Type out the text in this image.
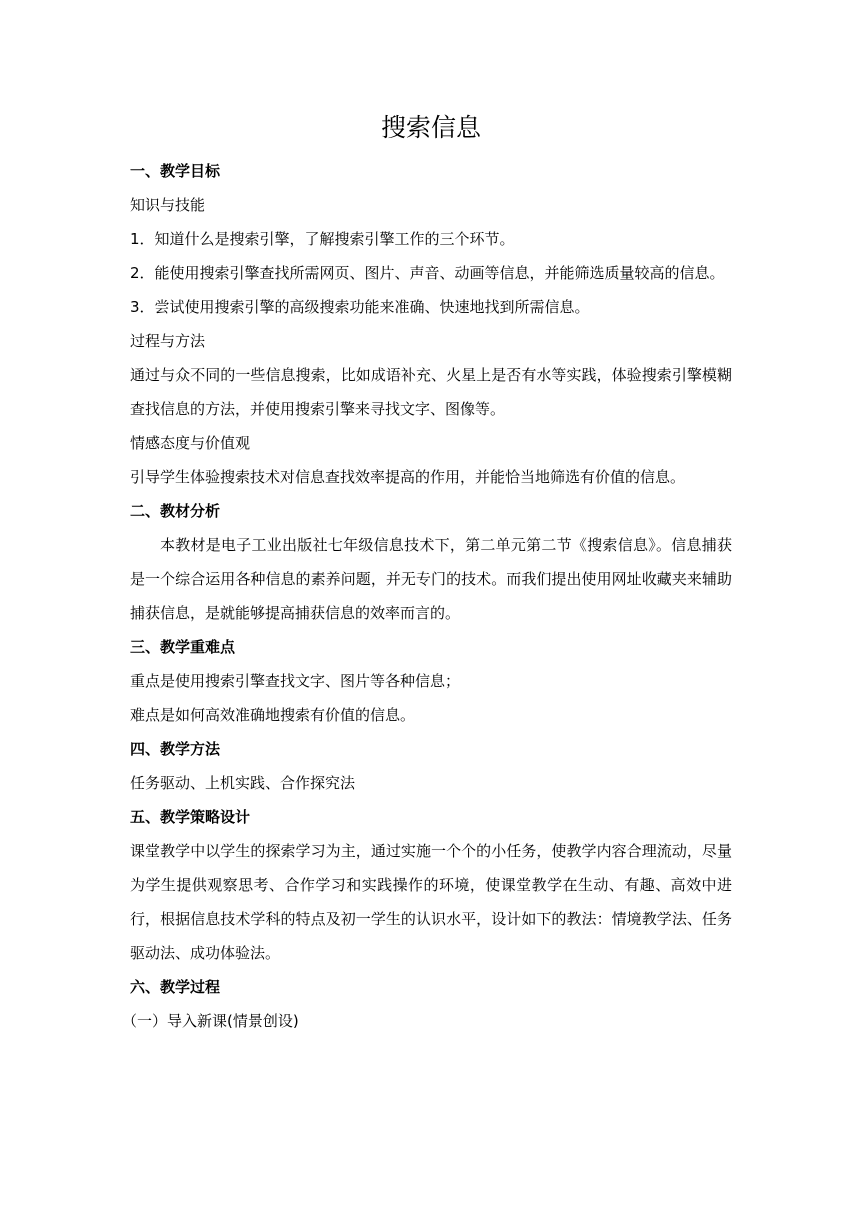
搜索信息

一、教学目标

知识与技能

1．知道什么是搜索引擎，了解搜索引擎工作的三个环节。

2．能使用搜索引擎查找所需网页、图片、声音、动画等信息，并能筛选质量较高的信息。

3．尝试使用搜索引擎的高级搜索功能来准确、快速地找到所需信息。

过程与方法

通过与众不同的一些信息搜索，比如成语补充、火星上是否有水等实践，体验搜索引擎模糊查找信息的方法，并使用搜索引擎来寻找文字、图像等。

情感态度与价值观

引导学生体验搜索技术对信息查找效率提高的作用，并能恰当地筛选有价值的信息。

二、教材分析

本教材是电子工业出版社七年级信息技术下，第二单元第二节《搜索信息》。信息捕获是一个综合运用各种信息的素养问题，并无专门的技术。而我们提出使用网址收藏夹来辅助捕获信息，是就能够提高捕获信息的效率而言的。

三、教学重难点

重点是使用搜索引擎查找文字、图片等各种信息；

难点是如何高效准确地搜索有价值的信息。

四、教学方法

任务驱动、上机实践、合作探究法

五、教学策略设计

课堂教学中以学生的探索学习为主，通过实施一个个的小任务，使教学内容合理流动，尽量为学生提供观察思考、合作学习和实践操作的环境，使课堂教学在生动、有趣、高效中进行，根据信息技术学科的特点及初一学生的认识水平，设计如下的教法：情境教学法、任务驱动法、成功体验法。

六、教学过程

（一）导入新课(情景创设)
